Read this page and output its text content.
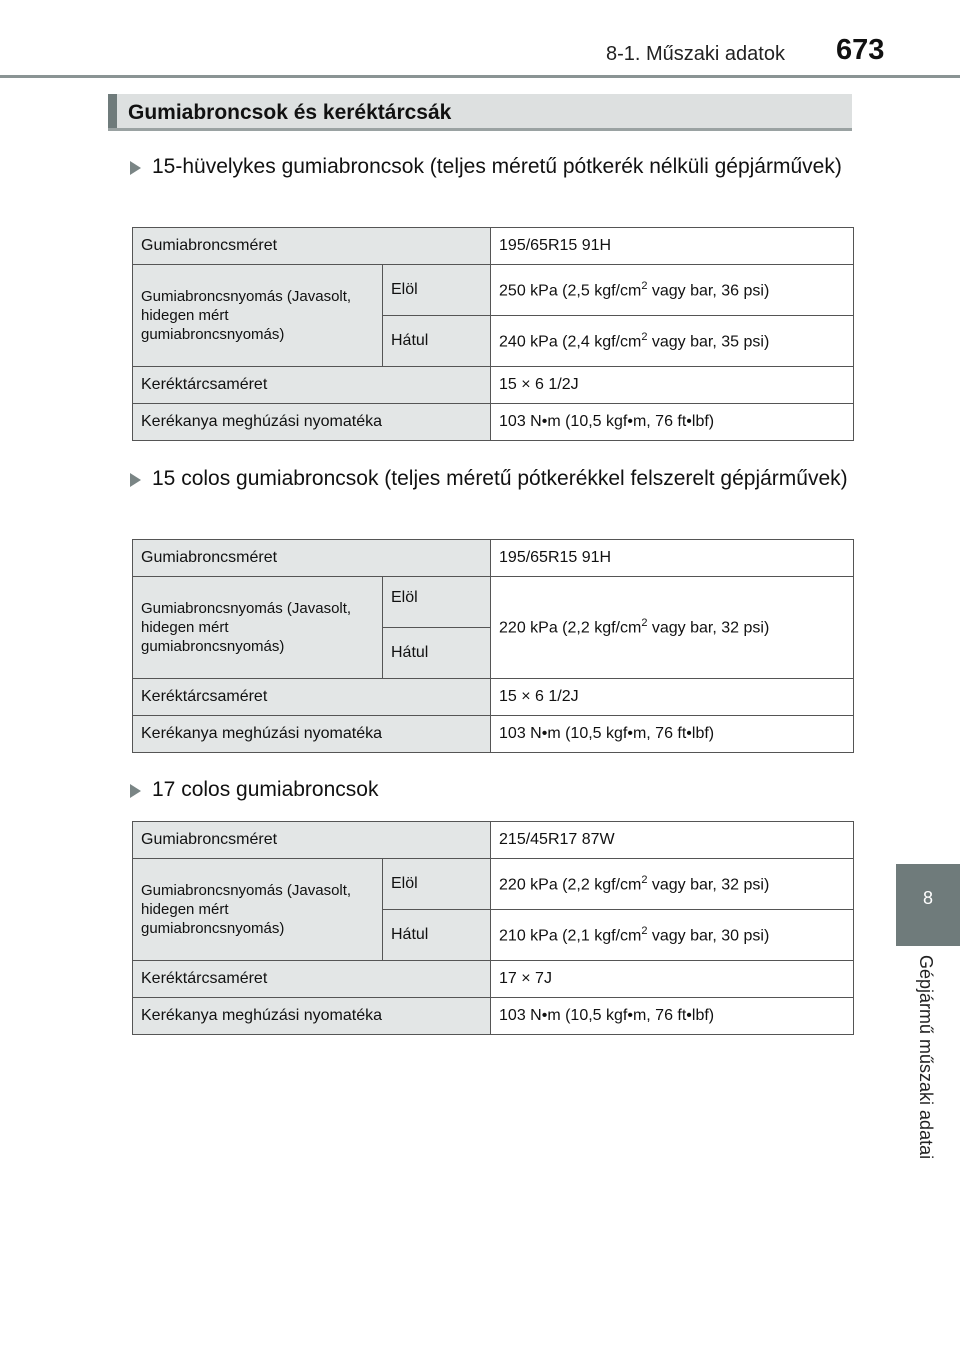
8-1. Műszaki adatok 673
Gumiabroncsok és keréktárcsák
8
Gépjármű műszaki adatai
15-hüvelykes gumiabroncsok (teljes méretű pótkerék nélküli gépjárművek)
Gumiabroncsméret		195/65R15 91H
Gumiabroncsnyomás (Javasolt, hidegen mért gumiabroncsnyomás)	Elöl	250 kPa (2,5 kgf/$cm^2$ vagy bar, 36 psi)
	Hátul	240 kPa (2,4 kgf/$cm^2$ vagy bar, 35 psi)
Keréktárcsaméret		15 × 6 1/2J
Kerékanya meghúzási nyomatéka		103 N•m (10,5 kgf•m, 76 ft•lbf)
15 colos gumiabroncsok (teljes méretű pótkerékkel felszerelt gépjárművek)
Gumiabroncsméret		195/65R15 91H
Gumiabroncsnyomás (Javasolt, hidegen mért gumiabroncsnyomás)	Elöl	220 kPa (2,2 kgf/$cm^2$ vagy bar, 32 psi)
	Hátul	
Keréktárcsaméret		15 × 6 1/2J
Kerékanya meghúzási nyomatéka		103 N•m (10,5 kgf•m, 76 ft•lbf)
17 colos gumiabroncsok
Gumiabroncsméret		215/45R17 87W
Gumiabroncsnyomás (Javasolt, hidegen mért gumiabroncsnyomás)	Elöl	220 kPa (2,2 kgf/$cm^2$ vagy bar, 32 psi)
	Hátul	210 kPa (2,1 kgf/$cm^2$ vagy bar, 30 psi)
Keréktárcsaméret		17 × 7J
Kerékanya meghúzási nyomatéka		103 N•m (10,5 kgf•m, 76 ft•lbf)
